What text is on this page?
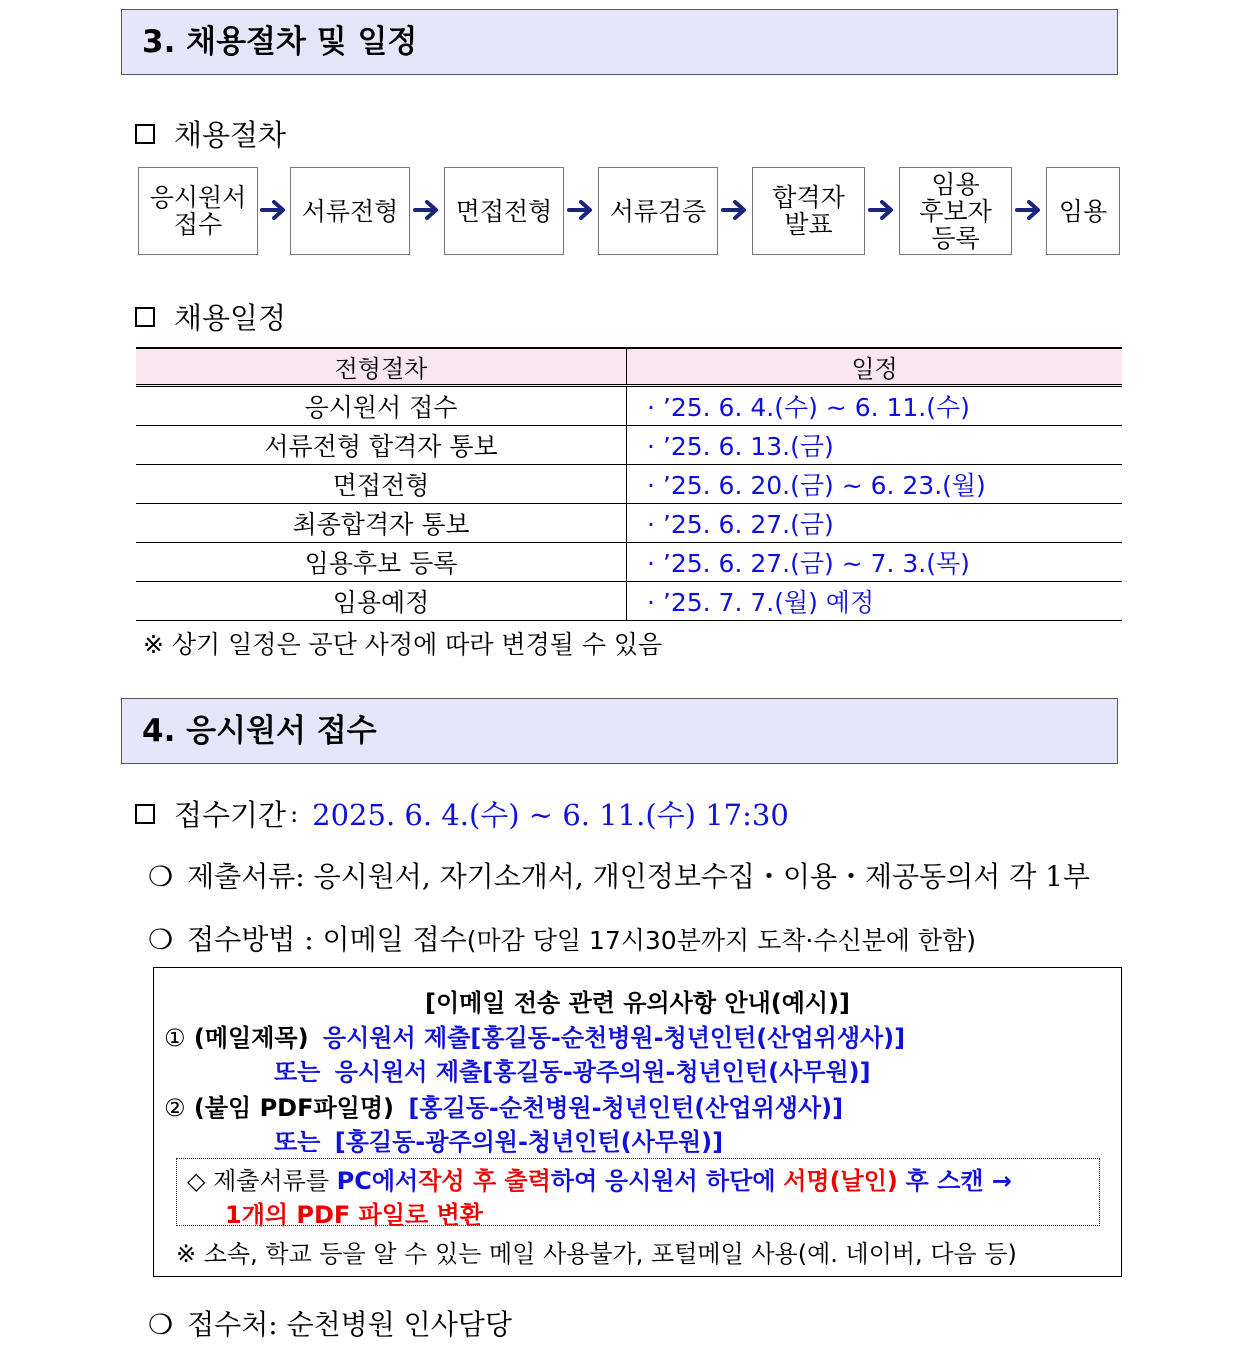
3. 채용절차 및 일정
채용절차
응시원서
접수	서류전형 면접전형 서류검증	합격자
발표
임용
후보자
등록
임용
채용일정
전형절차	일정
응시원서 접수	· ’25. 6. 4.(수) ~ 6. 11.(수)
서류전형 합격자 통보	· ’25. 6. 13.(금)
면접전형	· ’25. 6. 20.(금) ~ 6. 23.(월)
최종합격자 통보	· ’25. 6. 27.(금)
임용후보 등록	· ’25. 6. 27.(금) ~ 7. 3.(목)
임용예정	· ’25. 7. 7.(월) 예정
※ 상기 일정은 공단 사정에 따라 변경될 수 있음
4. 응시원서 접수
접수기간 : 2025. 6. 4.(수) ~ 6. 11.(수) 17:30
❍ 제출서류: 응시원서, 자기소개서, 개인정보수집・이용・제공동의서 각 1부
❍ 접수방법 : 이메일 접수(마감 당일 17시30분까지 도착·수신분에 한함)
[이메일 전송 관련 유의사항 안내(예시)]
① (메일제목) 응시원서 제출[홍길동-순천병원-청년인턴(산업위생사)]
또는 응시원서 제출[홍길동-광주의원-청년인턴(사무원)]
② (붙임 PDF파일명) [홍길동-순천병원-청년인턴(산업위생사)]
또는 [홍길동-광주의원-청년인턴(사무원)]
◇ 제출서류를 PC에서작성 후 출력하여 응시원서 하단에 서명(날인) 후 스캔 →
1개의 PDF 파일로 변환
※ 소속, 학교 등을 알 수 있는 메일 사용불가, 포털메일 사용(예. 네이버, 다음 등)
❍ 접수처: 순천병원 인사담당
